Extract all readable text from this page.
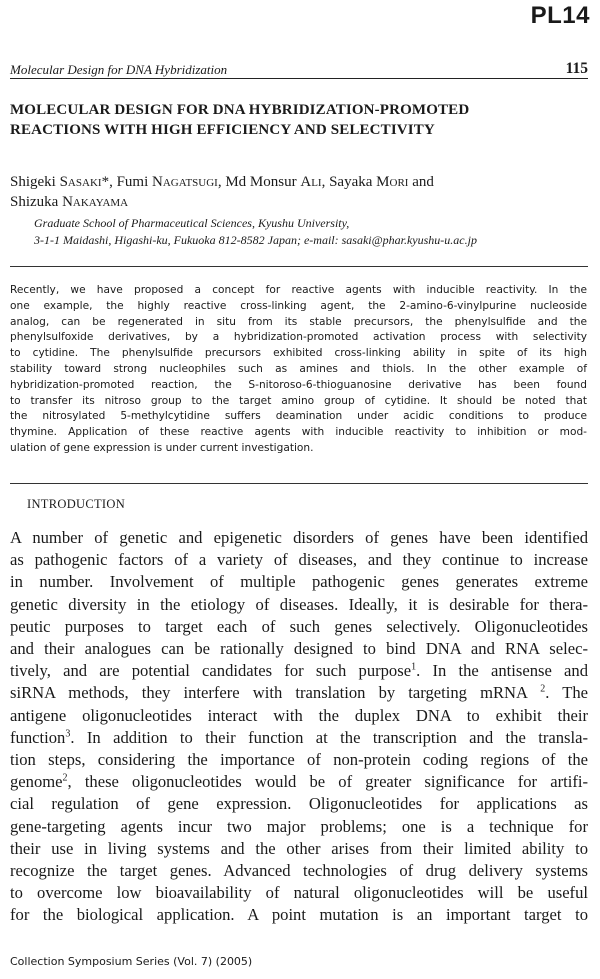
PL14
Molecular Design for DNA Hybridization	115
MOLECULAR DESIGN FOR DNA HYBRIDIZATION-PROMOTED
REACTIONS WITH HIGH EFFICIENCY AND SELECTIVITY
Shigeki Sasaki*, Fumi Nagatsugi, Md Monsur Ali, Sayaka Mori and
Shizuka Nakayama
Graduate School of Pharmaceutical Sciences, Kyushu University,
3-1-1 Maidashi, Higashi-ku, Fukuoka 812-8582 Japan; e-mail: sasaki@phar.kyushu-u.ac.jp
Recently, we have proposed a concept for reactive agents with inducible reactivity. In the
one example, the highly reactive cross-linking agent, the 2-amino-6-vinylpurine nucleoside
analog, can be regenerated in situ from its stable precursors, the phenylsulfide and the
phenylsulfoxide derivatives, by a hybridization-promoted activation process with selectivity
to cytidine. The phenylsulfide precursors exhibited cross-linking ability in spite of its high
stability toward strong nucleophiles such as amines and thiols. In the other example of
hybridization-promoted reaction, the S-nitoroso-6-thioguanosine derivative has been found
to transfer its nitroso group to the target amino group of cytidine. It should be noted that
the nitrosylated 5-methylcytidine suffers deamination under acidic conditions to produce
thymine. Application of these reactive agents with inducible reactivity to inhibition or mod-
ulation of gene expression is under current investigation.
INTRODUCTION
A number of genetic and epigenetic disorders of genes have been identified
as pathogenic factors of a variety of diseases, and they continue to increase
in number. Involvement of multiple pathogenic genes generates extreme
genetic diversity in the etiology of diseases. Ideally, it is desirable for thera-
peutic purposes to target each of such genes selectively. Oligonucleotides
and their analogues can be rationally designed to bind DNA and RNA selec-
tively, and are potential candidates for such purpose$^1$. In the antisense and
siRNA methods, they interfere with translation by targeting mRNA $^2$. The
antigene oligonucleotides interact with the duplex DNA to exhibit their
function$^3$. In addition to their function at the transcription and the transla-
tion steps, considering the importance of non-protein coding regions of the
genome$^2$, these oligonucleotides would be of greater significance for artifi-
cial regulation of gene expression. Oligonucleotides for applications as
gene-targeting agents incur two major problems; one is a technique for
their use in living systems and the other arises from their limited ability to
recognize the target genes. Advanced technologies of drug delivery systems
to overcome low bioavailability of natural oligonucleotides will be useful
for the biological application. A point mutation is an important target to
Collection Symposium Series (Vol. 7) (2005)
